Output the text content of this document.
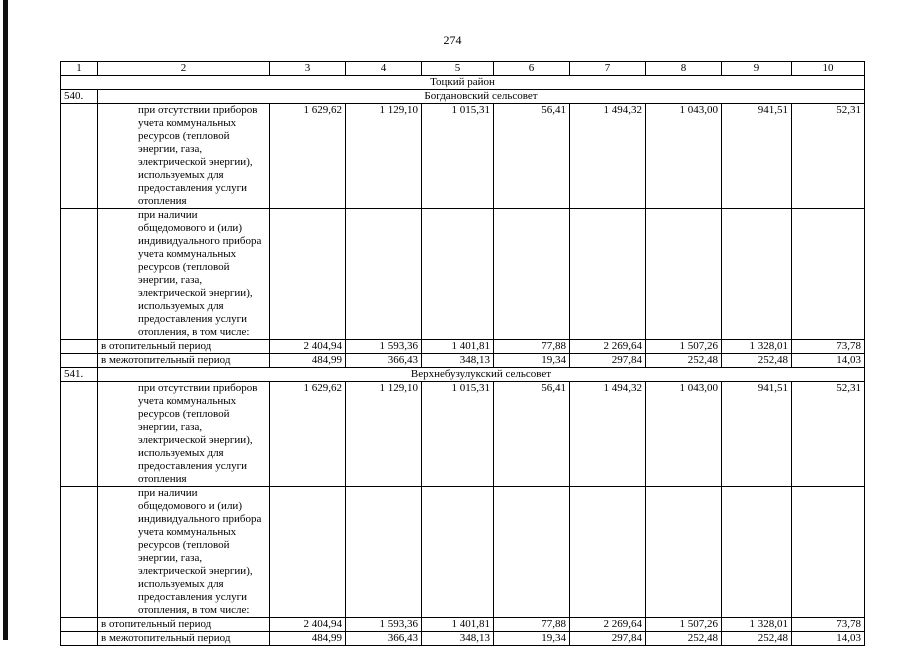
274
1	2	3	4	5	6	7	8	9	10
Тоцкий район									
540.	Богдановский сельсовет								
	при отсутствии приборов учета коммунальных ресурсов (тепловой энергии, газа, электрической энергии), используемых для предоставления услуги отопления	1 629,62	1 129,10	1 015,31	56,41	1 494,32	1 043,00	941,51	52,31
	при наличии общедомового и (или) индивидуального прибора учета коммунальных ресурсов (тепловой энергии, газа, электрической энергии), используемых для предоставления услуги отопления, в том числе:								
	в отопительный период	2 404,94	1 593,36	1 401,81	77,88	2 269,64	1 507,26	1 328,01	73,78
	в межотопительный период	484,99	366,43	348,13	19,34	297,84	252,48	252,48	14,03
541.	Верхнебузулукский сельсовет								
	при отсутствии приборов учета коммунальных ресурсов (тепловой энергии, газа, электрической энергии), используемых для предоставления услуги отопления	1 629,62	1 129,10	1 015,31	56,41	1 494,32	1 043,00	941,51	52,31
	при наличии общедомового и (или) индивидуального прибора учета коммунальных ресурсов (тепловой энергии, газа, электрической энергии), используемых для предоставления услуги отопления, в том числе:								
	в отопительный период	2 404,94	1 593,36	1 401,81	77,88	2 269,64	1 507,26	1 328,01	73,78
	в межотопительный период	484,99	366,43	348,13	19,34	297,84	252,48	252,48	14,03
